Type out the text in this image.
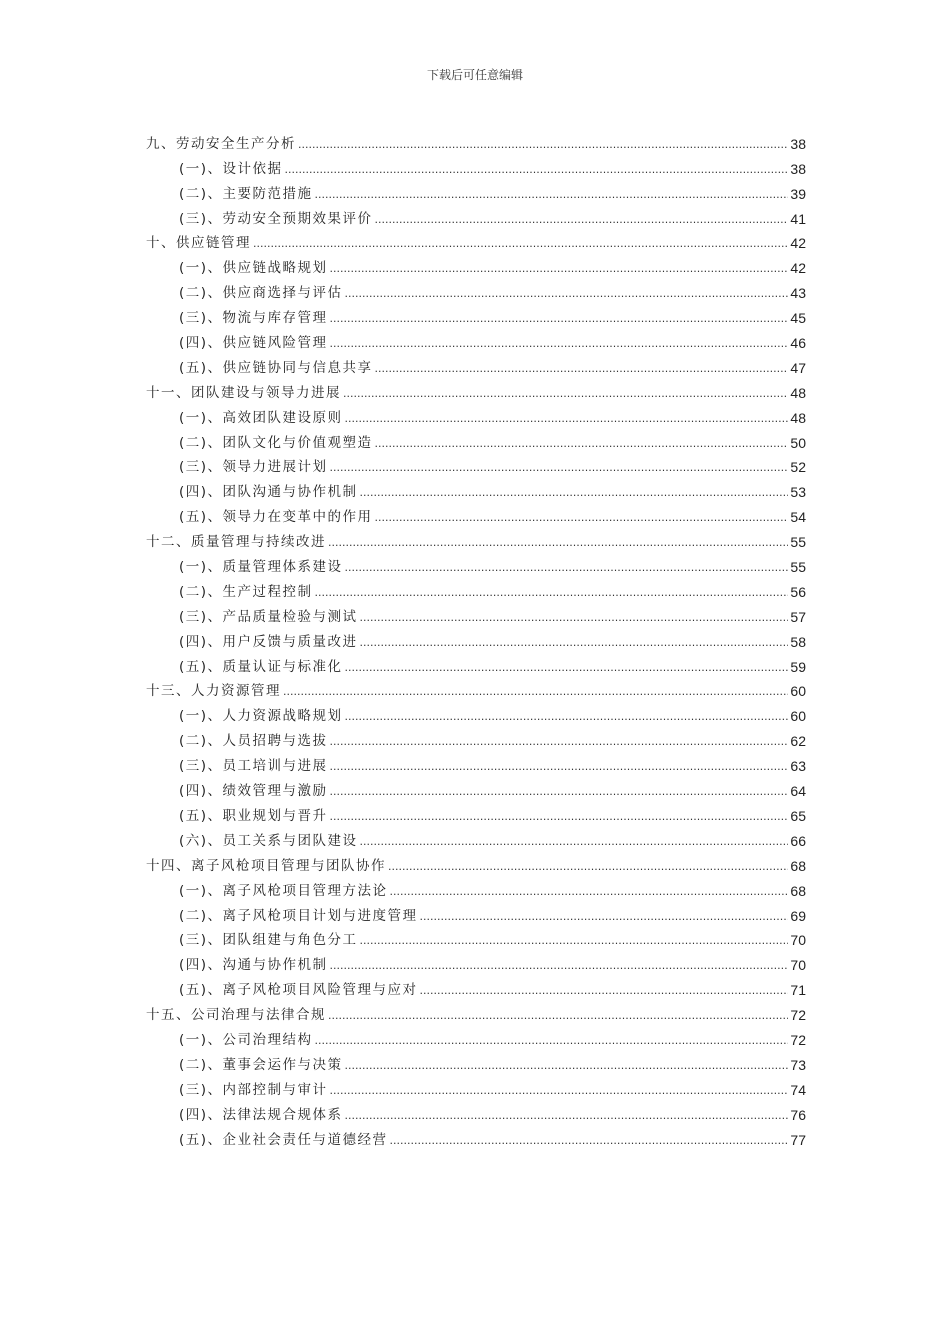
下载后可任意编辑
九、劳动安全生产分析 .....	38
(一)、设计依据 .....	38
(二)、主要防范措施 .....	39
(三)、劳动安全预期效果评价 .....	41
十、供应链管理 .....	42
(一)、供应链战略规划 .....	42
(二)、供应商选择与评估 .....	43
(三)、物流与库存管理 .....	45
(四)、供应链风险管理 .....	46
(五)、供应链协同与信息共享 .....	47
十一、团队建设与领导力进展 .....	48
(一)、高效团队建设原则 .....	48
(二)、团队文化与价值观塑造 .....	50
(三)、领导力进展计划 .....	52
(四)、团队沟通与协作机制 .....	53
(五)、领导力在变革中的作用 .....	54
十二、质量管理与持续改进 .....	55
(一)、质量管理体系建设 .....	55
(二)、生产过程控制 .....	56
(三)、产品质量检验与测试 .....	57
(四)、用户反馈与质量改进 .....	58
(五)、质量认证与标准化 .....	59
十三、人力资源管理 .....	60
(一)、人力资源战略规划 .....	60
(二)、人员招聘与选拔 .....	62
(三)、员工培训与进展 .....	63
(四)、绩效管理与激励 .....	64
(五)、职业规划与晋升 .....	65
(六)、员工关系与团队建设 .....	66
十四、离子风枪项目管理与团队协作 .....	68
(一)、离子风枪项目管理方法论 .....	68
(二)、离子风枪项目计划与进度管理 .....	69
(三)、团队组建与角色分工 .....	70
(四)、沟通与协作机制 .....	70
(五)、离子风枪项目风险管理与应对 .....	71
十五、公司治理与法律合规 .....	72
(一)、公司治理结构 .....	72
(二)、董事会运作与决策 .....	73
(三)、内部控制与审计 .....	74
(四)、法律法规合规体系 .....	76
(五)、企业社会责任与道德经营 .....	77
